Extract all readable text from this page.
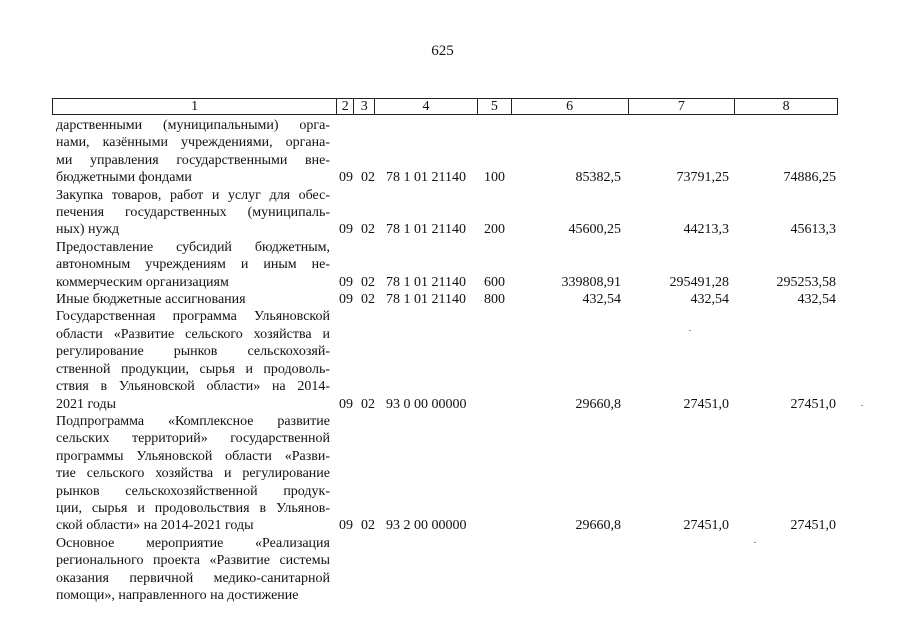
625
1	2 3	4	5	6	7	8
дарственными (муниципальными) орга-
нами, казёнными учреждениями, органа-
ми управления государственными вне-
бюджетными фондами	09 02 78 1 01 21140 100	85382,5	73791,25	74886,25
Закупка товаров, работ и услуг для обес-
печения государственных (муниципаль-
ных) нужд	09 02 78 1 01 21140 200	45600,25	44213,3	45613,3
Предоставление субсидий бюджетным,
автономным учреждениям и иным не-
коммерческим организациям	09 02 78 1 01 21140 600	339808,91	295491,28	295253,58
Иные бюджетные ассигнования	09 02 78 1 01 21140 800	432,54	432,54	432,54
Государственная программа Ульяновской
области «Развитие сельского хозяйства и
регулирование рынков сельскохозяй-
ственной продукции, сырья и продоволь-
ствия в Ульяновской области» на 2014-
2021 годы	09 02 93 0 00 00000	29660,8	27451,0	27451,0
Подпрограмма «Комплексное развитие
сельских территорий» государственной
программы Ульяновской области «Разви-
тие сельского хозяйства и регулирование
рынков сельскохозяйственной продук-
ции, сырья и продовольствия в Ульянов-
ской области» на 2014-2021 годы	09 02 93 2 00 00000	29660,8	27451,0	27451,0
Основное мероприятие «Реализация
регионального проекта «Развитие системы
оказания первичной медико-санитарной
помощи», направленного на достижение
